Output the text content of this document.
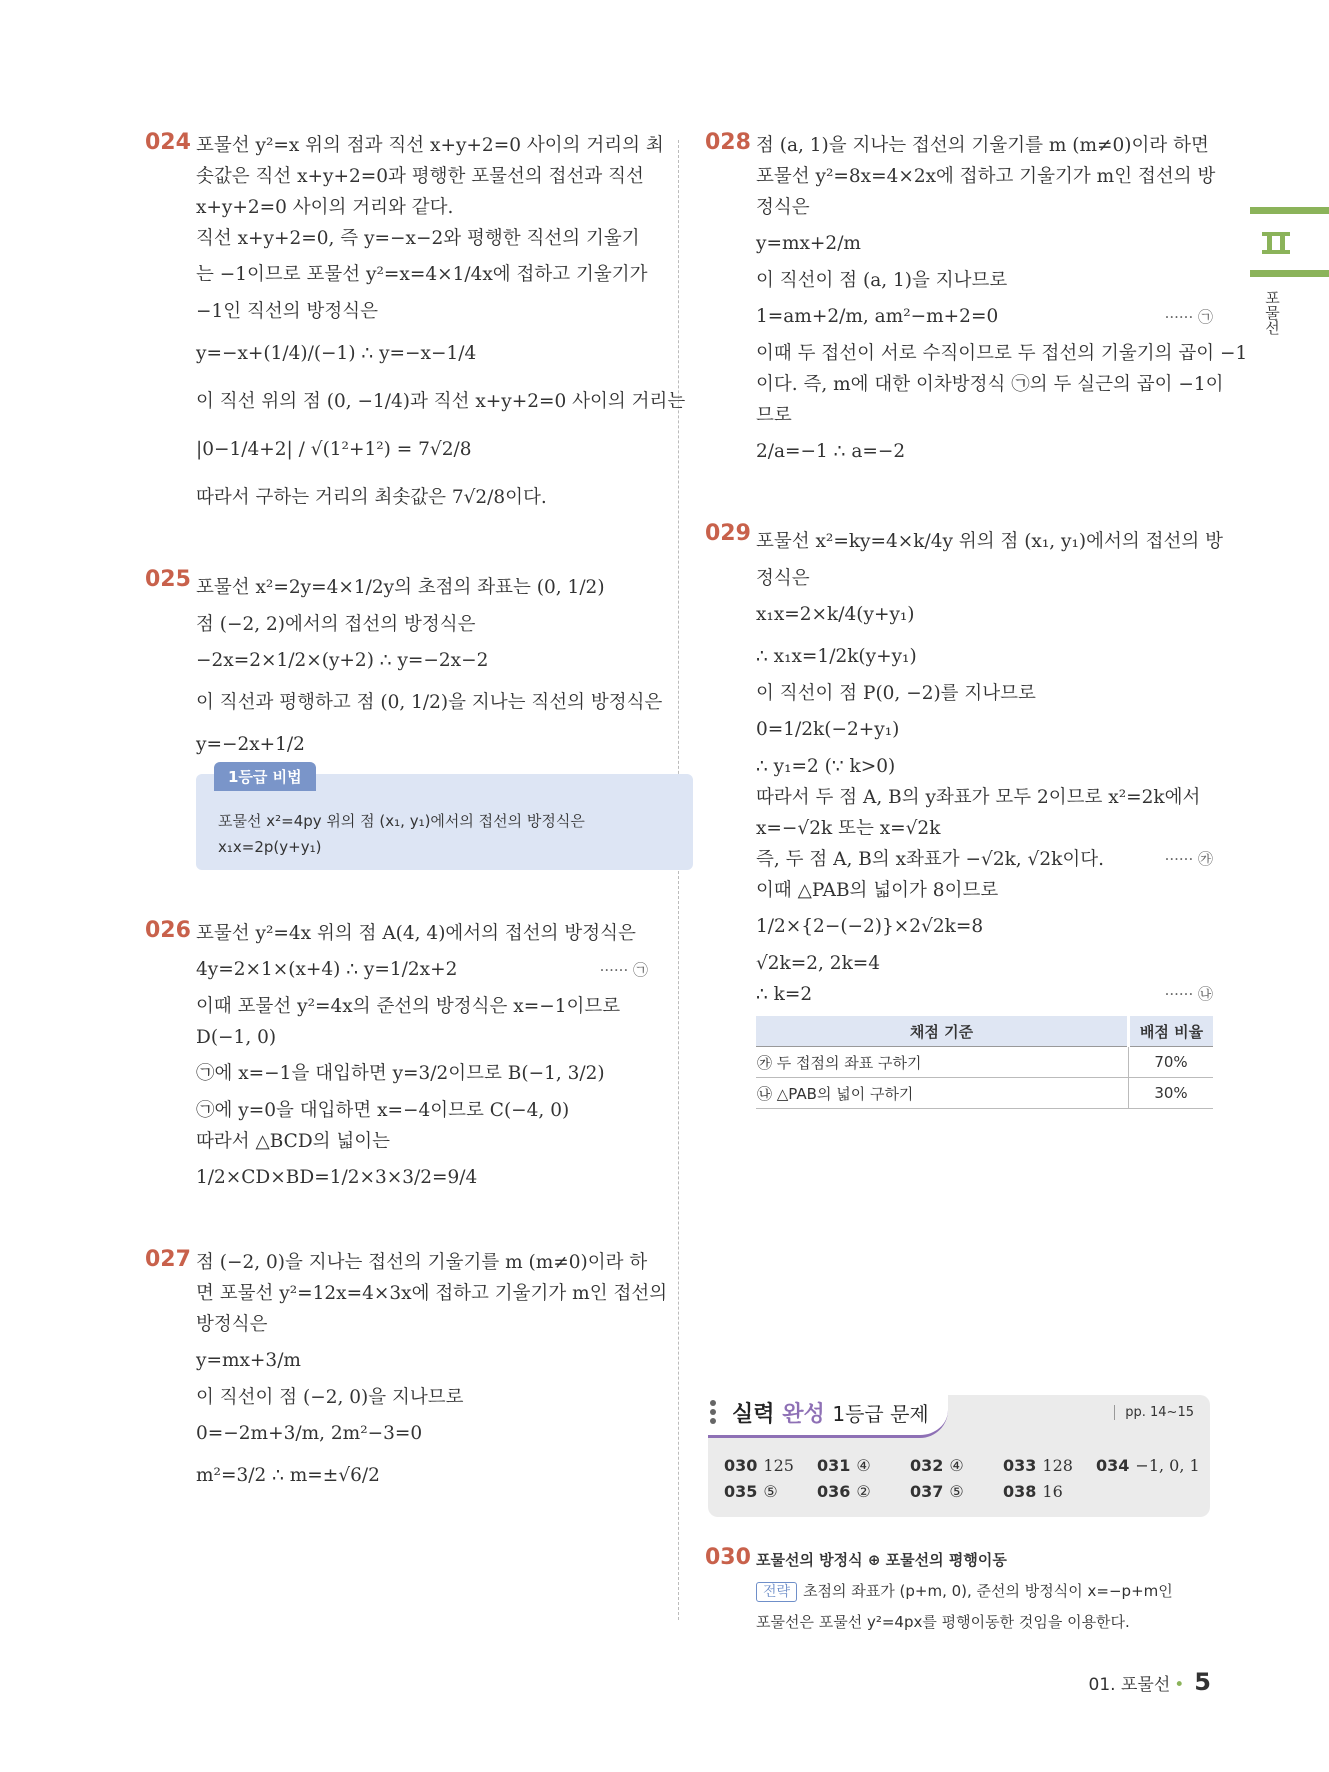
024 포물선 y²=x 위의 점과 직선 x+y+2=0 사이의 거리의 최
솟값은 직선 x+y+2=0과 평행한 포물선의 접선과 직선
x+y+2=0 사이의 거리와 같다.
직선 x+y+2=0, 즉 y=−x−2와 평행한 직선의 기울기
는 −1이므로 포물선 y²=x=4×1/4x에 접하고 기울기가
−1인 직선의 방정식은
y=−x+(1/4)/(−1) ∴ y=−x−1/4
이 직선 위의 점 (0, −1/4)과 직선 x+y+2=0 사이의 거리는
|0−1/4+2| / √(1²+1²) = 7√2/8
따라서 구하는 거리의 최솟값은 7√2/8이다.
025 포물선 x²=2y=4×1/2y의 초점의 좌표는 (0, 1/2)
점 (−2, 2)에서의 접선의 방정식은
−2x=2×1/2×(y+2) ∴ y=−2x−2
이 직선과 평행하고 점 (0, 1/2)을 지나는 직선의 방정식은
y=−2x+1/2
1등급 비법
포물선 x²=4py 위의 점 (x₁, y₁)에서의 접선의 방정식은
x₁x=2p(y+y₁)
026 포물선 y²=4x 위의 점 A(4, 4)에서의 접선의 방정식은
4y=2×1×(x+4) ∴ y=1/2x+2	······ ㉠
이때 포물선 y²=4x의 준선의 방정식은 x=−1이므로
D(−1, 0)
㉠에 x=−1을 대입하면 y=3/2이므로 B(−1, 3/2)
㉠에 y=0을 대입하면 x=−4이므로 C(−4, 0)
따라서 △BCD의 넓이는
1/2×CD×BD=1/2×3×3/2=9/4
027 점 (−2, 0)을 지나는 접선의 기울기를 m (m≠0)이라 하
면 포물선 y²=12x=4×3x에 접하고 기울기가 m인 접선의
방정식은
y=mx+3/m
이 직선이 점 (−2, 0)을 지나므로
0=−2m+3/m, 2m²−3=0
m²=3/2 ∴ m=±√6/2
028 점 (a, 1)을 지나는 접선의 기울기를 m (m≠0)이라 하면
포물선 y²=8x=4×2x에 접하고 기울기가 m인 접선의 방
정식은
y=mx+2/m
이 직선이 점 (a, 1)을 지나므로
1=am+2/m, am²−m+2=0	······ ㉠
이때 두 접선이 서로 수직이므로 두 접선의 기울기의 곱이 −1
이다. 즉, m에 대한 이차방정식 ㉠의 두 실근의 곱이 −1이
므로
2/a=−1 ∴ a=−2
029 포물선 x²=ky=4×k/4y 위의 점 (x₁, y₁)에서의 접선의 방
정식은
x₁x=2×k/4(y+y₁)
∴ x₁x=1/2k(y+y₁)
이 직선이 점 P(0, −2)를 지나므로
0=1/2k(−2+y₁)
∴ y₁=2 (∵ k>0)
따라서 두 점 A, B의 y좌표가 모두 2이므로 x²=2k에서
x=−√2k 또는 x=√2k
즉, 두 점 A, B의 x좌표가 −√2k, √2k이다.	······ ㉮
이때 △PAB의 넓이가 8이므로
1/2×{2−(−2)}×2√2k=8
√2k=2, 2k=4
∴ k=2	······ ㉯
채점 기준	배점 비율
㉮ 두 접점의 좌표 구하기	70%
㉯ △PAB의 넓이 구하기	30%
실력 완성 1등급 문제	pp. 14~15
030 125 031 ④ 032 ④ 033 128 034 −1, 0, 1
035 ⑤ 036 ② 037 ⑤ 038 16
030 포물선의 방정식 ⊕ 포물선의 평행이동
전략 초점의 좌표가 (p+m, 0), 준선의 방정식이 x=−p+m인
포물선은 포물선 y²=4px를 평행이동한 것임을 이용한다.
포물선
01. 포물선 • 5
